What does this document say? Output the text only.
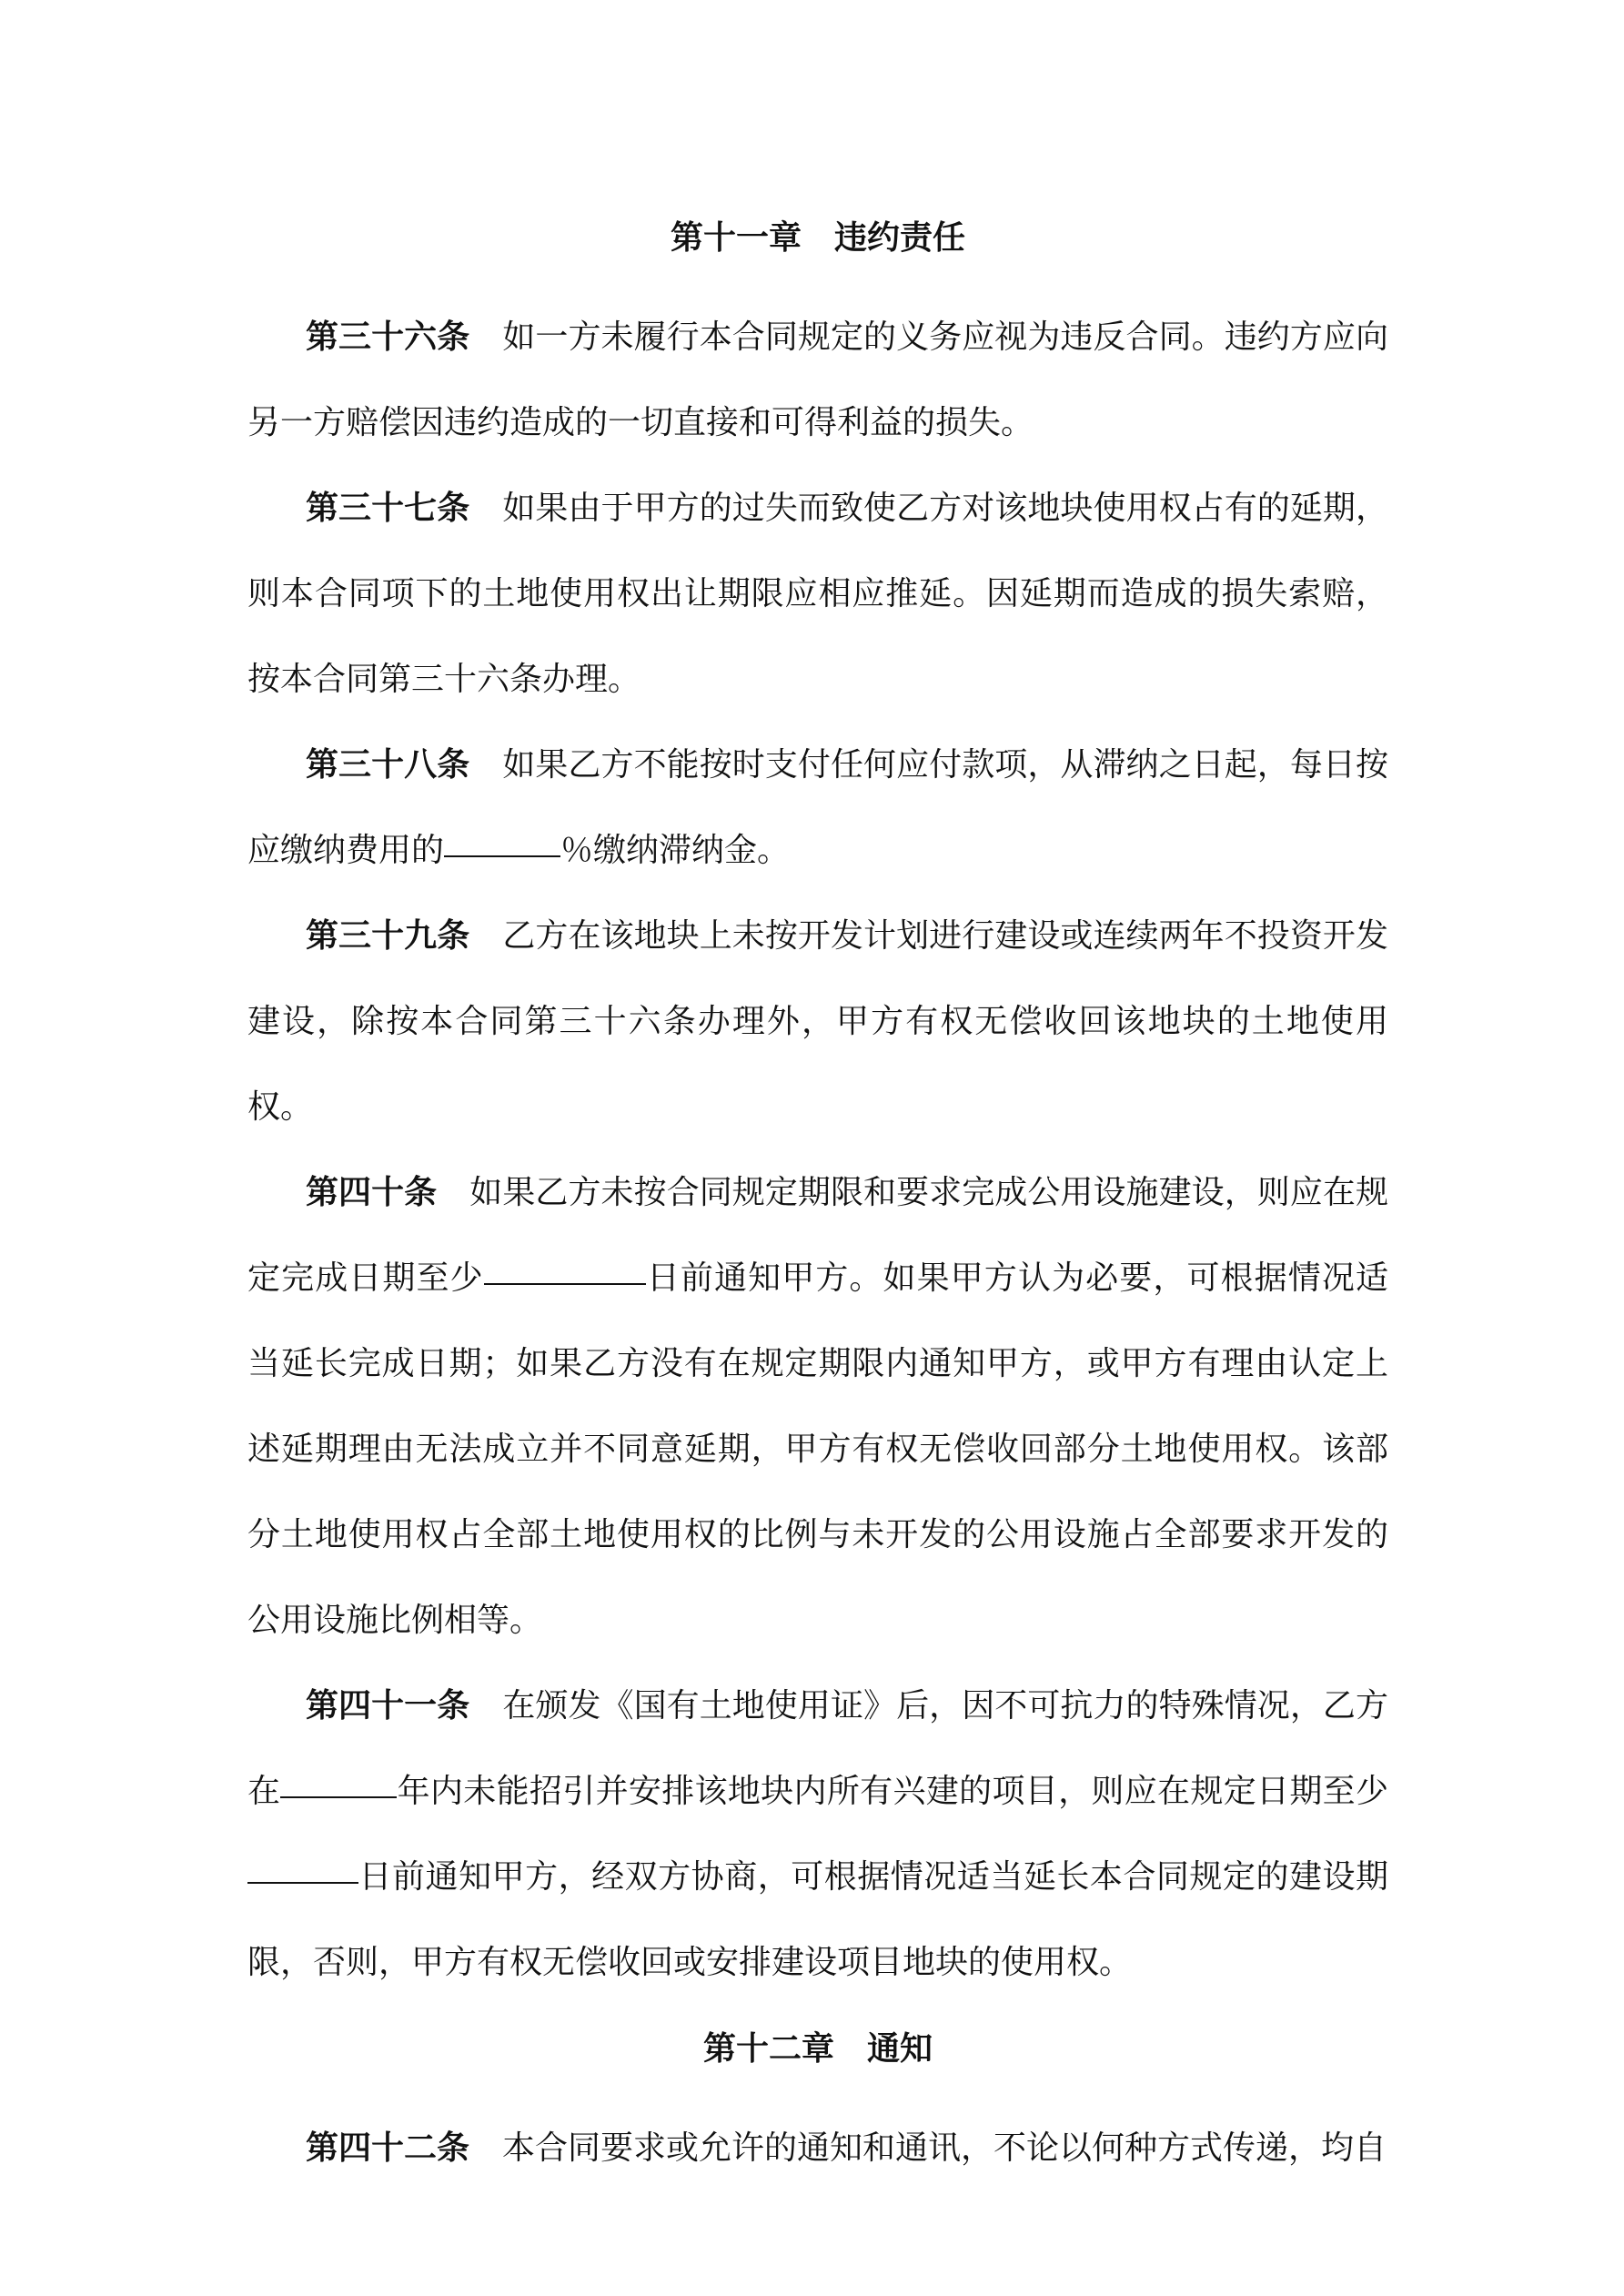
第十一章　违约责任

第三十六条 如一方未履行本合同规定的义务应视为违反合同。违约方应向另一方赔偿因违约造成的一切直接和可得利益的损失。

第三十七条 如果由于甲方的过失而致使乙方对该地块使用权占有的延期，则本合同项下的土地使用权出让期限应相应推延。因延期而造成的损失索赔，按本合同第三十六条办理。

第三十八条 如果乙方不能按时支付任何应付款项，从滞纳之日起，每日按应缴纳费用的	％缴纳滞纳金。

第三十九条 乙方在该地块上未按开发计划进行建设或连续两年不投资开发建设，除按本合同第三十六条办理外，甲方有权无偿收回该地块的土地使用权。

第四十条 如果乙方未按合同规定期限和要求完成公用设施建设，则应在规定完成日期至少	日前通知甲方。如果甲方认为必要，可根据情况适当延长完成日期；如果乙方没有在规定期限内通知甲方，或甲方有理由认定上述延期理由无法成立并不同意延期，甲方有权无偿收回部分土地使用权。该部分土地使用权占全部土地使用权的比例与未开发的公用设施占全部要求开发的公用设施比例相等。

第四十一条 在颁发《国有土地使用证》后，因不可抗力的特殊情况，乙方在	年内未能招引并安排该地块内所有兴建的项目，则应在规定日期至少日前通知甲方，经双方协商，可根据情况适当延长本合同规定的建设期限，否则，甲方有权无偿收回或安排建设项目地块的使用权。

第十二章　通知

第四十二条 本合同要求或允许的通知和通讯，不论以何种方式传递，均自
